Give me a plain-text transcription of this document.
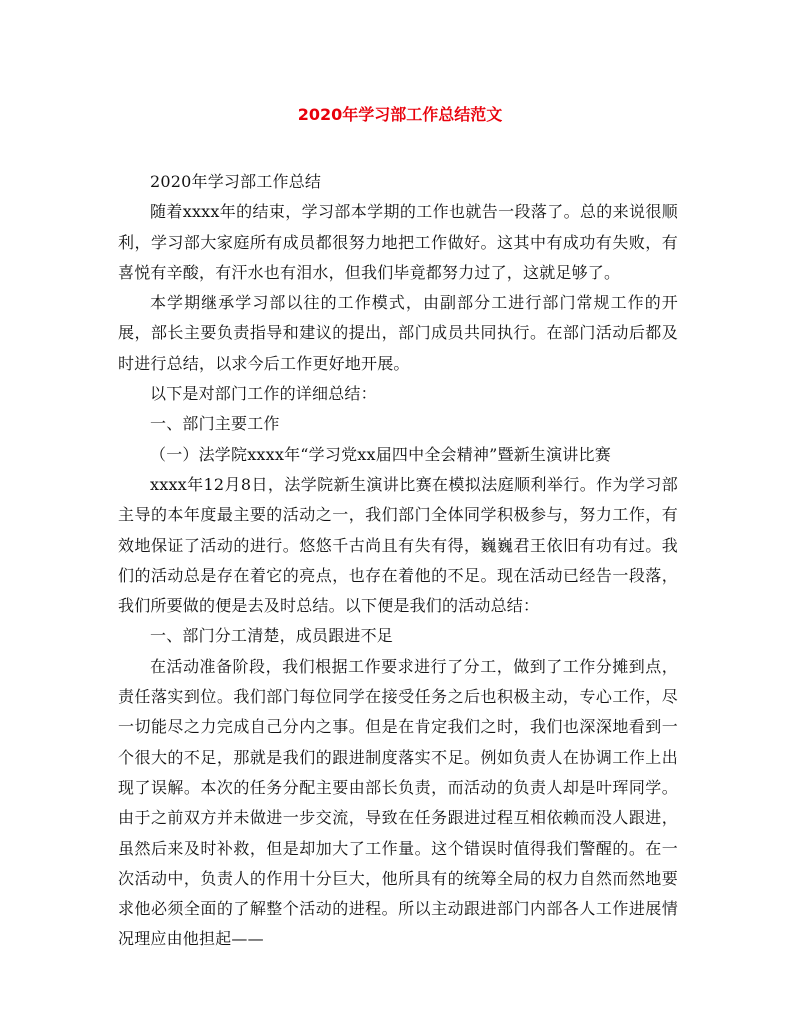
2020年学习部工作总结范文

2020年学习部工作总结

随着xxxx年的结束，学习部本学期的工作也就告一段落了。总的来说很顺利，学习部大家庭所有成员都很努力地把工作做好。这其中有成功有失败，有喜悦有辛酸，有汗水也有泪水，但我们毕竟都努力过了，这就足够了。

本学期继承学习部以往的工作模式，由副部分工进行部门常规工作的开展，部长主要负责指导和建议的提出，部门成员共同执行。在部门活动后都及时进行总结，以求今后工作更好地开展。

以下是对部门工作的详细总结：

一、部门主要工作

（一）法学院xxxx年“学习党xx届四中全会精神”暨新生演讲比赛

xxxx年12月8日，法学院新生演讲比赛在模拟法庭顺利举行。作为学习部主导的本年度最主要的活动之一，我们部门全体同学积极参与，努力工作，有效地保证了活动的进行。悠悠千古尚且有失有得，巍巍君王依旧有功有过。我们的活动总是存在着它的亮点，也存在着他的不足。现在活动已经告一段落，我们所要做的便是去及时总结。以下便是我们的活动总结：

一、部门分工清楚，成员跟进不足

在活动准备阶段，我们根据工作要求进行了分工，做到了工作分摊到点，责任落实到位。我们部门每位同学在接受任务之后也积极主动，专心工作，尽一切能尽之力完成自己分内之事。但是在肯定我们之时，我们也深深地看到一个很大的不足，那就是我们的跟进制度落实不足。例如负责人在协调工作上出现了误解。本次的任务分配主要由部长负责，而活动的负责人却是叶珲同学。由于之前双方并未做进一步交流，导致在任务跟进过程互相依赖而没人跟进，虽然后来及时补救，但是却加大了工作量。这个错误时值得我们警醒的。在一次活动中，负责人的作用十分巨大，他所具有的统筹全局的权力自然而然地要求他必须全面的了解整个活动的进程。所以主动跟进部门内部各人工作进展情况理应由他担起——
